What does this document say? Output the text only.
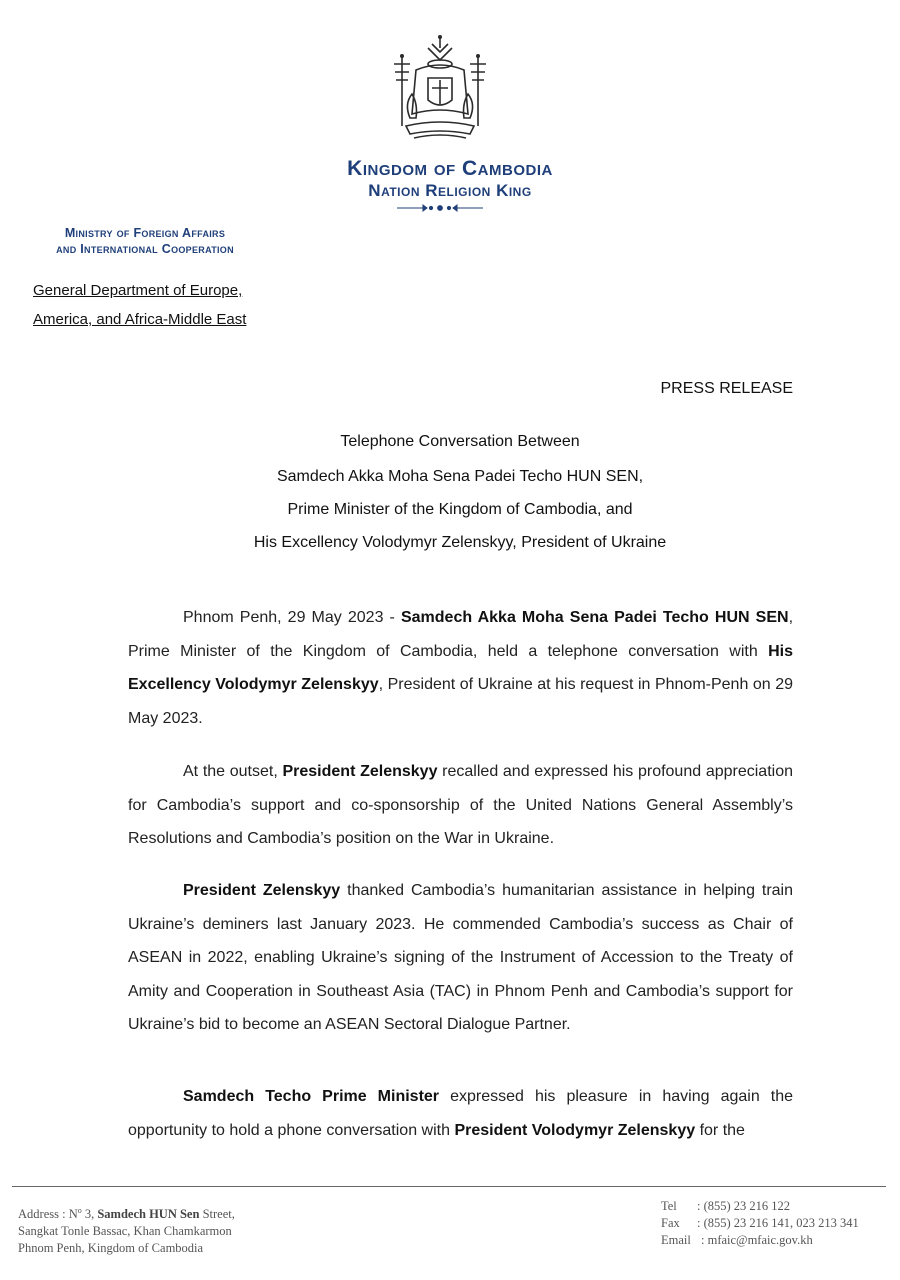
Kingdom of Cambodia
Nation Religion King
Ministry of Foreign Affairs
and International Cooperation
General Department of Europe,
America, and Africa-Middle East
PRESS RELEASE
Telephone Conversation Between
Samdech Akka Moha Sena Padei Techo HUN SEN,
Prime Minister of the Kingdom of Cambodia, and
His Excellency Volodymyr Zelenskyy, President of Ukraine
Phnom Penh, 29 May 2023 - Samdech Akka Moha Sena Padei Techo HUN SEN, Prime Minister of the Kingdom of Cambodia, held a telephone conversation with His Excellency Volodymyr Zelenskyy, President of Ukraine at his request in Phnom-Penh on 29 May 2023.
At the outset, President Zelenskyy recalled and expressed his profound appreciation for Cambodia’s support and co-sponsorship of the United Nations General Assembly’s Resolutions and Cambodia’s position on the War in Ukraine.
President Zelenskyy thanked Cambodia’s humanitarian assistance in helping train Ukraine’s deminers last January 2023. He commended Cambodia’s success as Chair of ASEAN in 2022, enabling Ukraine’s signing of the Instrument of Accession to the Treaty of Amity and Cooperation in Southeast Asia (TAC) in Phnom Penh and Cambodia’s support for Ukraine’s bid to become an ASEAN Sectoral Dialogue Partner.
Samdech Techo Prime Minister expressed his pleasure in having again the opportunity to hold a phone conversation with President Volodymyr Zelenskyy for the
Address : $N^o$ 3, Samdech HUN Sen Street,
Sangkat Tonle Bassac, Khan Chamkarmon
Phnom Penh, Kingdom of Cambodia
Tel	: (855) 23 216 122
Fax	: (855) 23 216 141, 023 213 341
Email : mfaic@mfaic.gov.kh
